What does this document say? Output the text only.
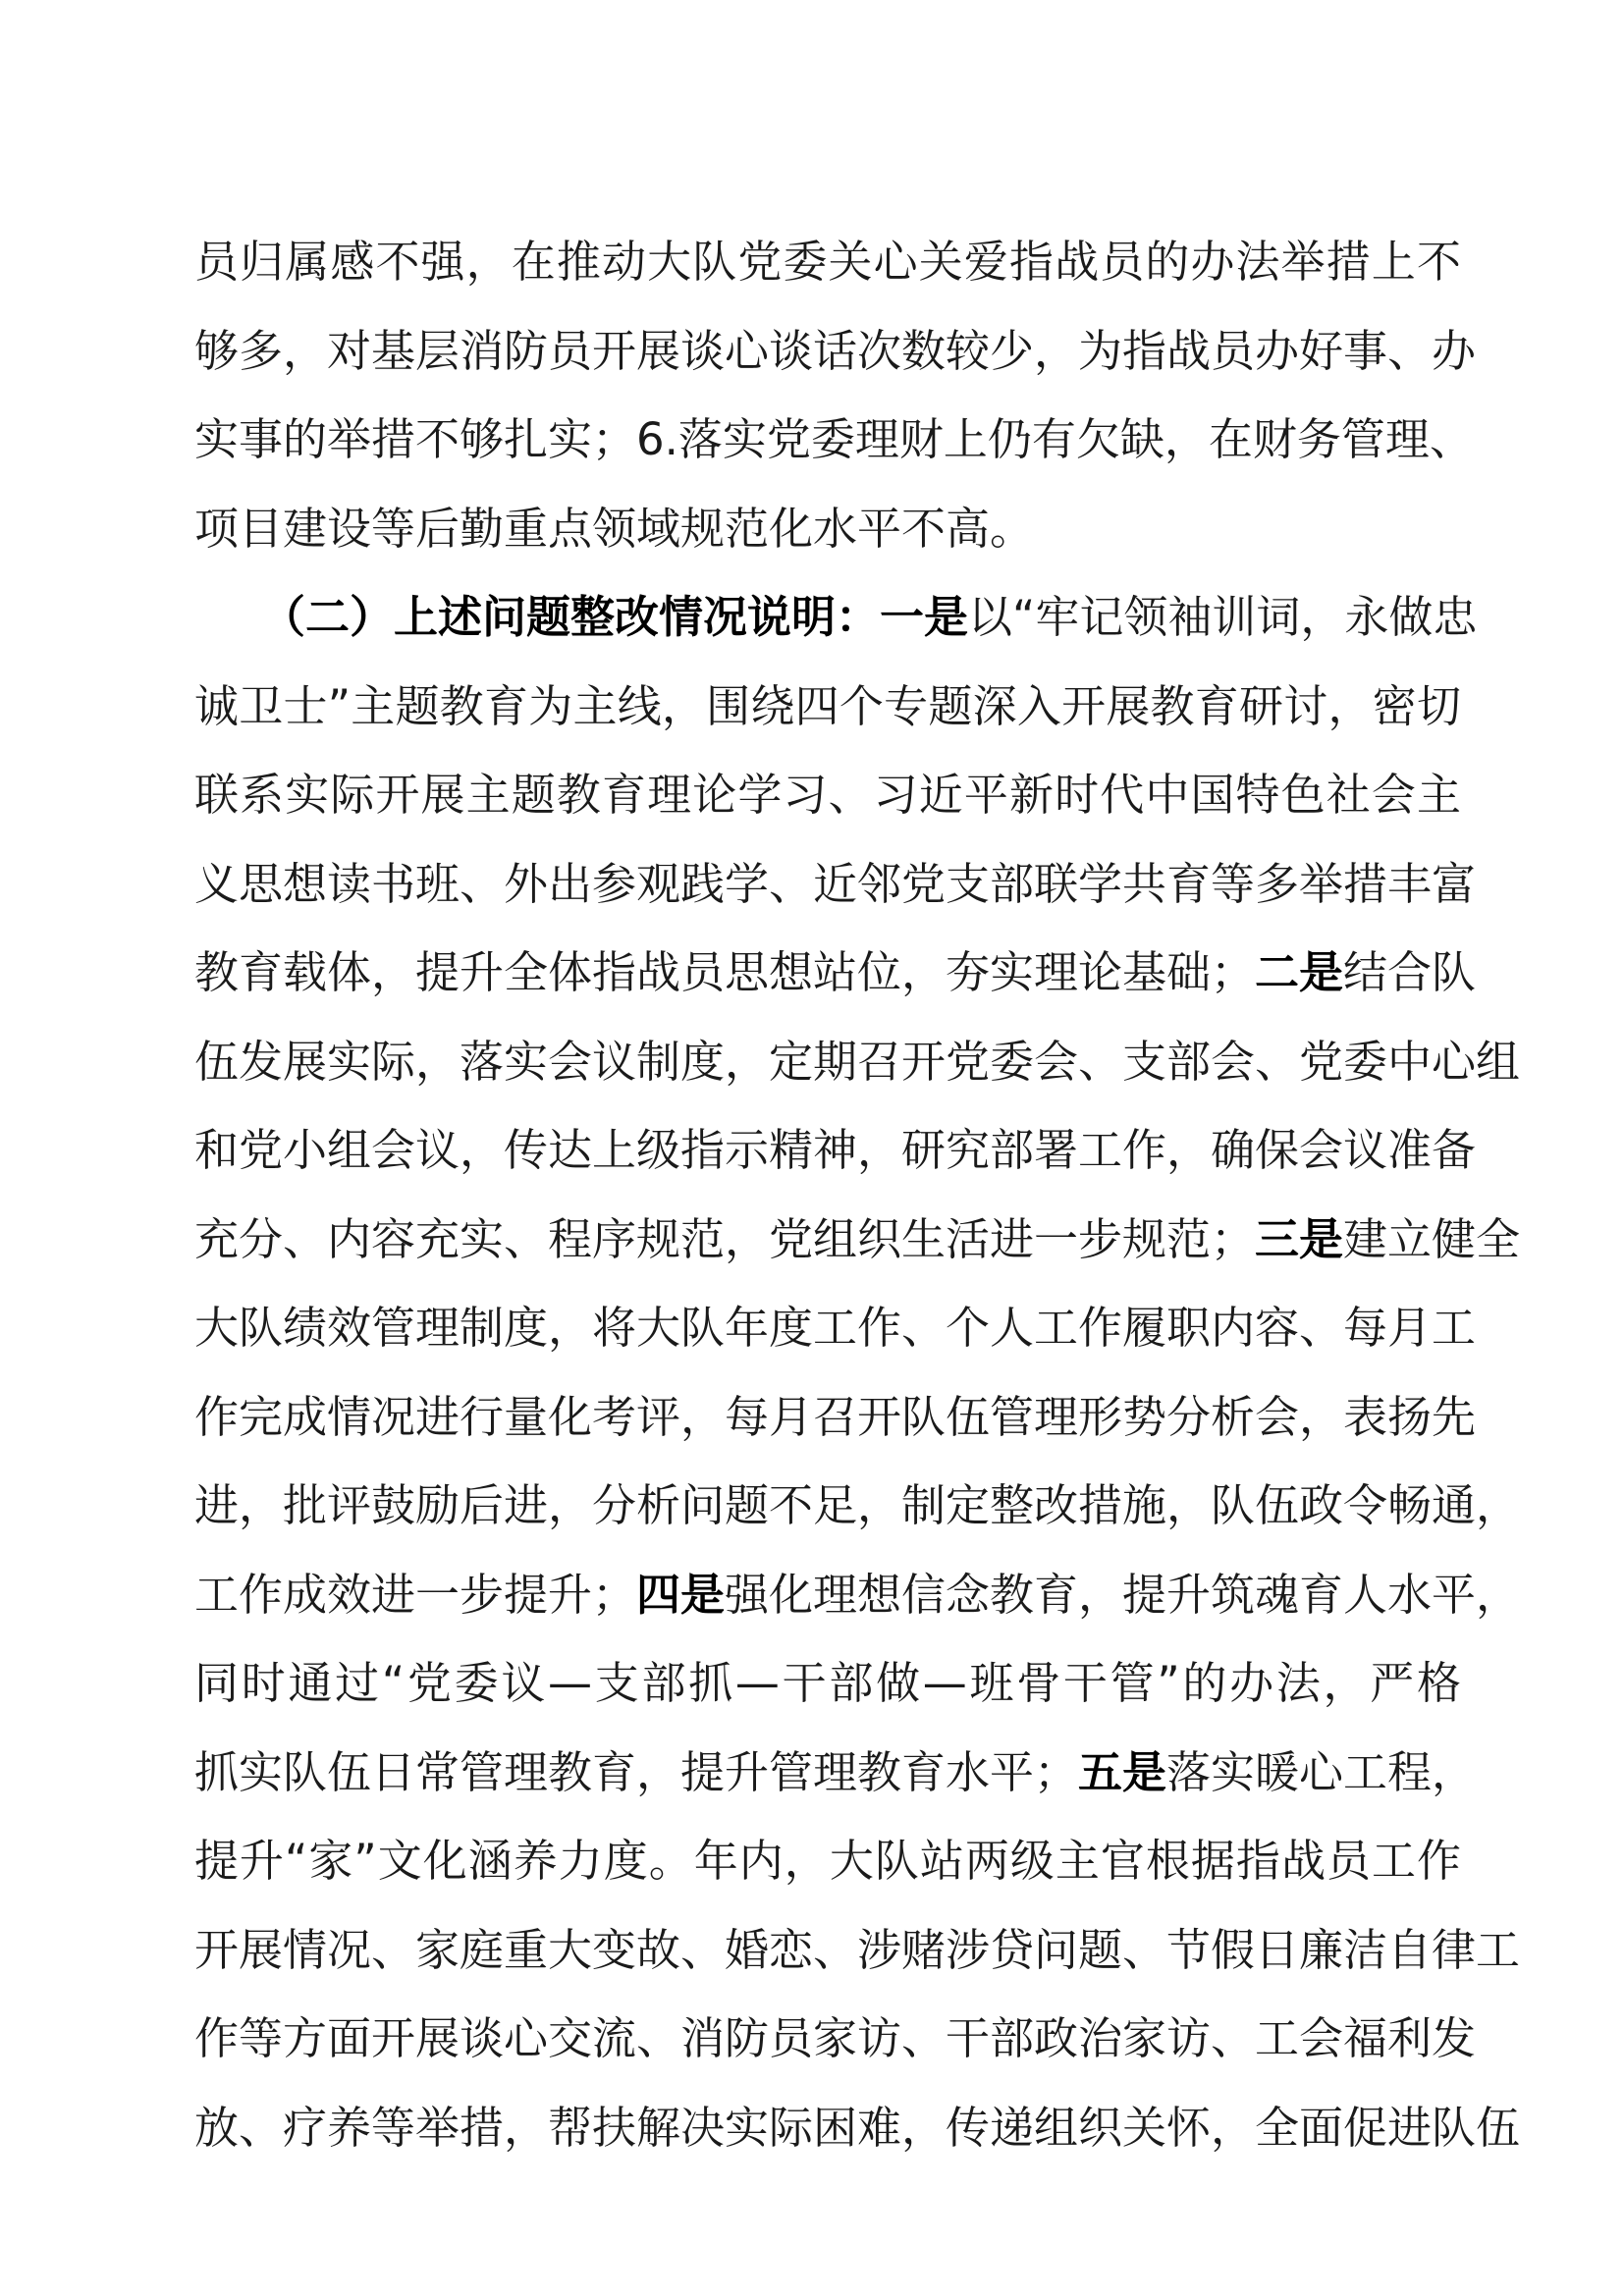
员归属感不强，在推动大队党委关心关爱指战员的办法举措上不
够多，对基层消防员开展谈心谈话次数较少，为指战员办好事、办
实事的举措不够扎实；6.落实党委理财上仍有欠缺，在财务管理、
项目建设等后勤重点领域规范化水平不高。
（二）上述问题整改情况说明：一是以“牢记领袖训词，永做忠
诚卫士”主题教育为主线，围绕四个专题深入开展教育研讨，密切
联系实际开展主题教育理论学习、习近平新时代中国特色社会主
义思想读书班、外出参观践学、近邻党支部联学共育等多举措丰富
教育载体，提升全体指战员思想站位，夯实理论基础；二是结合队
伍发展实际，落实会议制度，定期召开党委会、支部会、党委中心组
和党小组会议，传达上级指示精神，研究部署工作，确保会议准备
充分、内容充实、程序规范，党组织生活进一步规范；三是建立健全
大队绩效管理制度，将大队年度工作、个人工作履职内容、每月工
作完成情况进行量化考评，每月召开队伍管理形势分析会，表扬先
进，批评鼓励后进，分析问题不足，制定整改措施，队伍政令畅通，
工作成效进一步提升；四是强化理想信念教育，提升筑魂育人水平，
同时通过“党委议—支部抓—干部做—班骨干管”的办法，严格
抓实队伍日常管理教育，提升管理教育水平；五是落实暖心工程，
提升“家”文化涵养力度。年内，大队站两级主官根据指战员工作
开展情况、家庭重大变故、婚恋、涉赌涉贷问题、节假日廉洁自律工
作等方面开展谈心交流、消防员家访、干部政治家访、工会福利发
放、疗养等举措，帮扶解决实际困难，传递组织关怀，全面促进队伍
